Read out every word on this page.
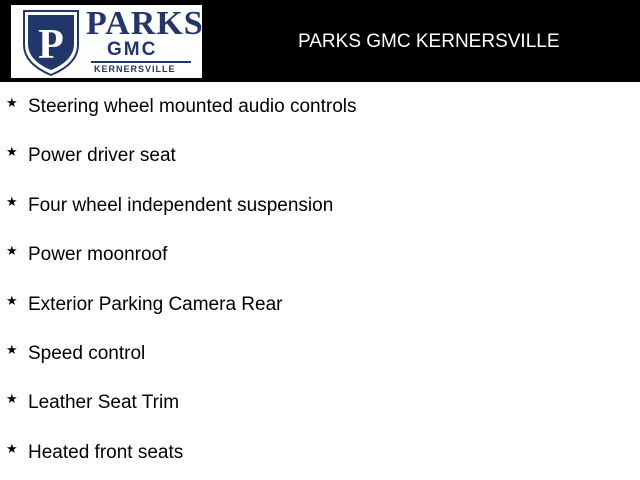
P PARKS
GMC
KERNERSVILLE
PARKS GMC KERNERSVILLE
★ Steering wheel mounted audio controls
★ Power driver seat
★ Four wheel independent suspension
★ Power moonroof
★ Exterior Parking Camera Rear
★ Speed control
★ Leather Seat Trim
★ Heated front seats
